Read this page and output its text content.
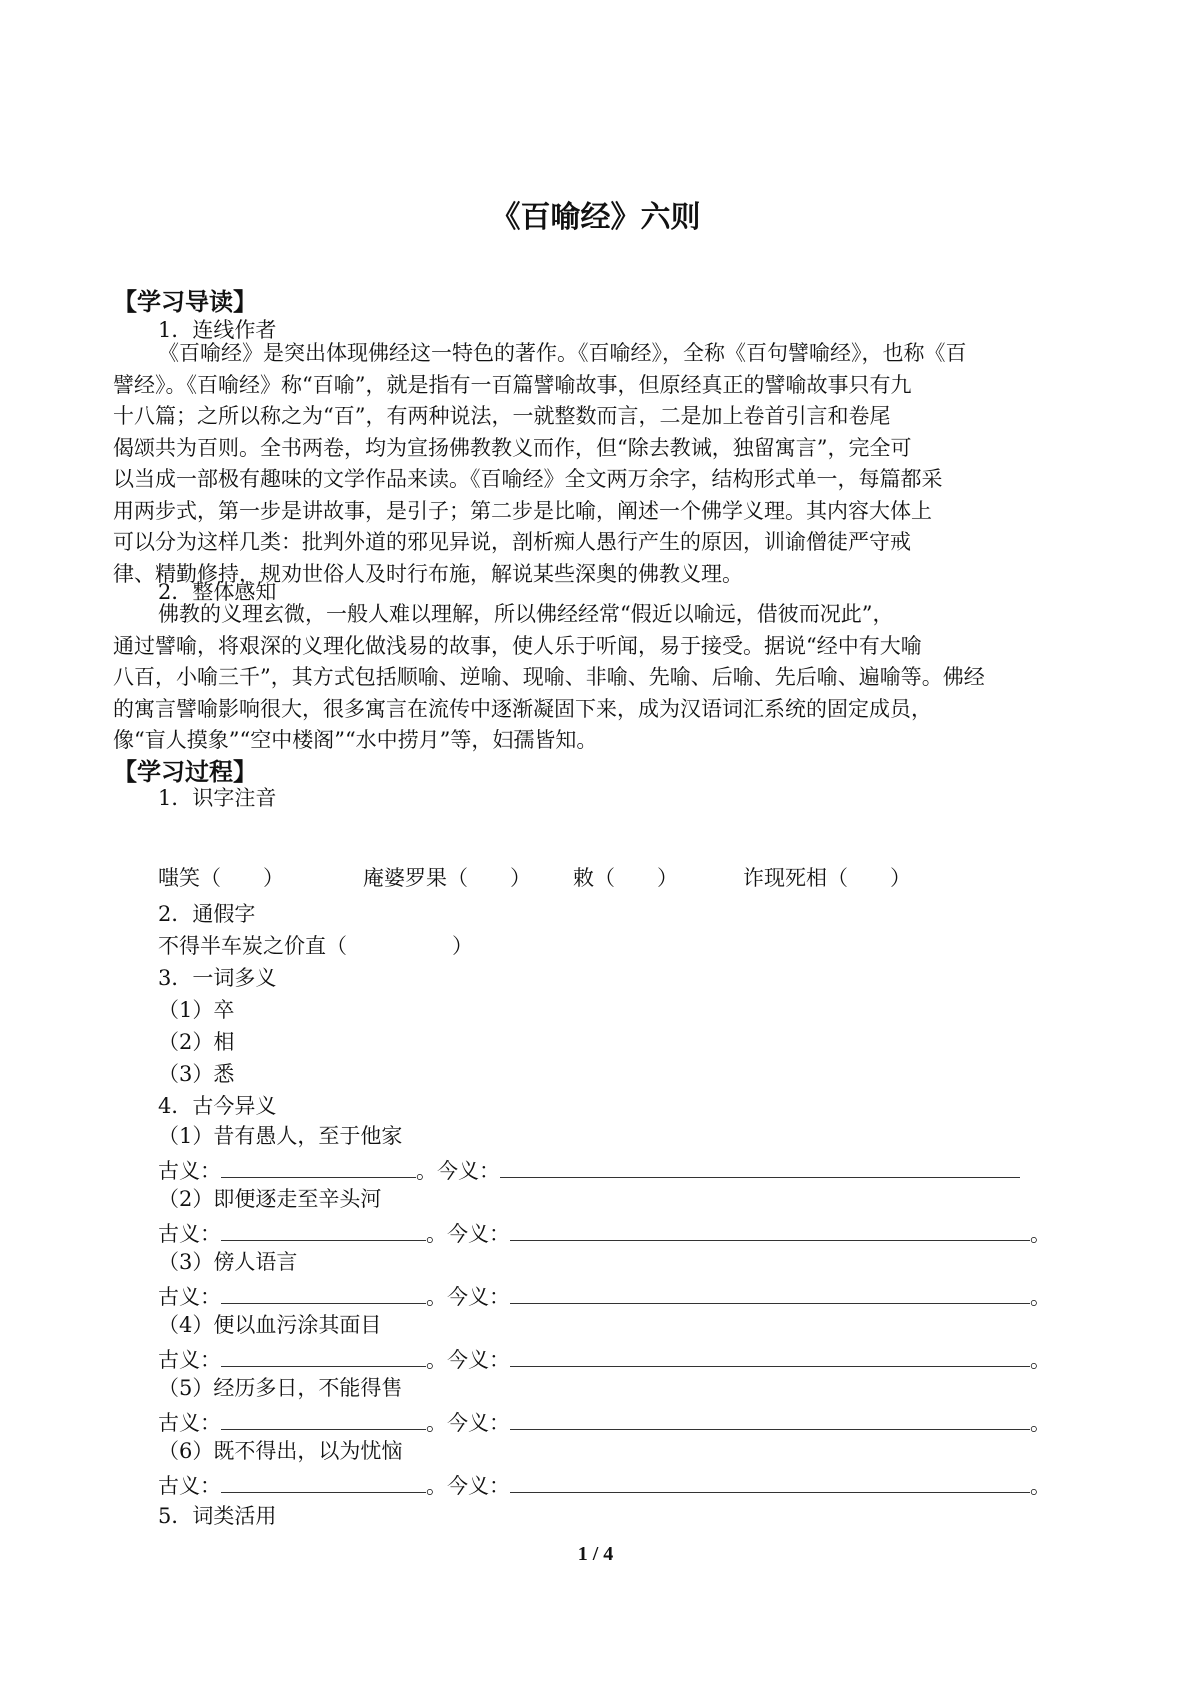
《百喻经》六则
【学习导读】
1．连线作者
《百喻经》是突出体现佛经这一特色的著作。《百喻经》，全称《百句譬喻经》，也称《百
譬经》。《百喻经》称“百喻”，就是指有一百篇譬喻故事，但原经真正的譬喻故事只有九
十八篇；之所以称之为“百”，有两种说法，一就整数而言，二是加上卷首引言和卷尾
偈颂共为百则。全书两卷，均为宣扬佛教教义而作，但“除去教诫，独留寓言”，完全可
以当成一部极有趣味的文学作品来读。《百喻经》全文两万余字，结构形式单一，每篇都采
用两步式，第一步是讲故事，是引子；第二步是比喻，阐述一个佛学义理。其内容大体上
可以分为这样几类：批判外道的邪见异说，剖析痴人愚行产生的原因，训谕僧徒严守戒
律、精勤修持，规劝世俗人及时行布施，解说某些深奥的佛教义理。
2．整体感知
佛教的义理玄微，一般人难以理解，所以佛经经常“假近以喻远，借彼而况此”，
通过譬喻，将艰深的义理化做浅易的故事，使人乐于听闻，易于接受。据说“经中有大喻
八百，小喻三千”，其方式包括顺喻、逆喻、现喻、非喻、先喻、后喻、先后喻、遍喻等。佛经
的寓言譬喻影响很大，很多寓言在流传中逐渐凝固下来，成为汉语词汇系统的固定成员，
像“盲人摸象”“空中楼阁”“水中捞月”等，妇孺皆知。
【学习过程】
1．识字注音
嗤笑（　　）	庵婆罗果（　　） 敕（　　）	诈现死相（　　）
2．通假字
不得半车炭之价直（　　　　　）
3．一词多义
（1）卒
（2）相
（3）悉
4．古今异义
（1）昔有愚人，至于他家
古义：	。今义：
（2）即便逐走至辛头河
古义：	。今义：	。
（3）傍人语言
古义：	。今义：	。
（4）便以血污涂其面目
古义：	。今义：	。
（5）经历多日，不能得售
古义：	。今义：	。
（6）既不得出，以为忧恼
古义：	。今义：	。
5．词类活用
1 / 4
